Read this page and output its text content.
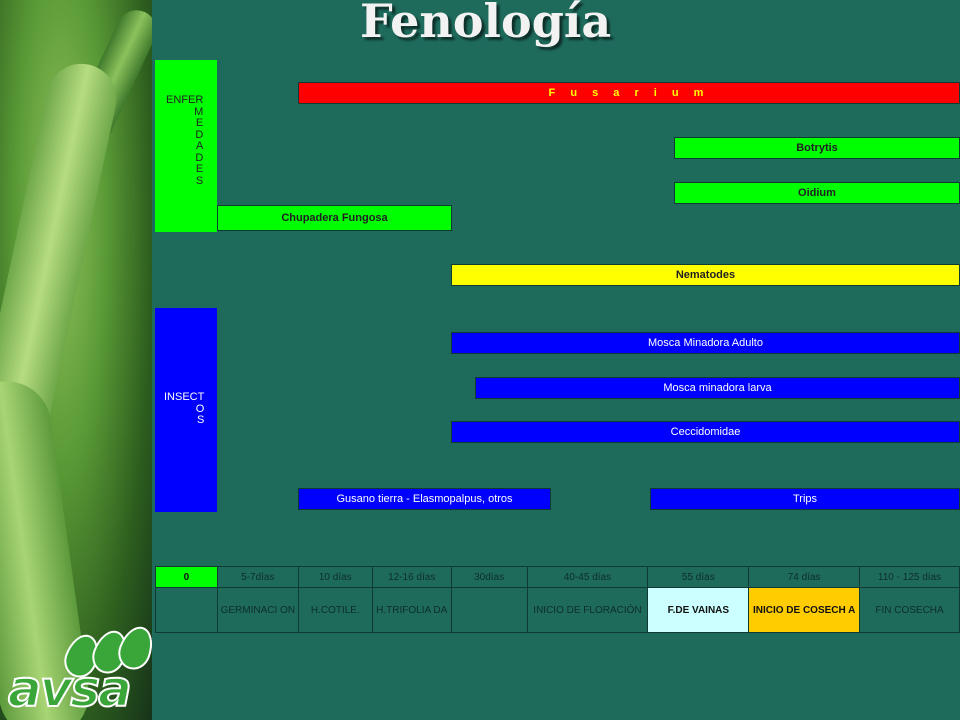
avsa
Fenología
ENFER
M
E
D
A
D
E
S
INSECT
O
S
F u s a r i u m
Botrytis
Oidium
Chupadera Fungosa
Nematodes
Mosca Minadora Adulto
Mosca minadora larva
Ceccidomidae
Gusano tierra - Elasmopalpus, otros	Trips
0	5-7días	10 días	12-16 días	30días	40-45 días	55 días	74 días	110 - 125 días
	GERMINACI ON	H.COTILE.	H.TRIFOLIA DA		INICIO DE FLORACIÓN	F.DE VAINAS	INICIO DE COSECH A	FIN COSECHA
